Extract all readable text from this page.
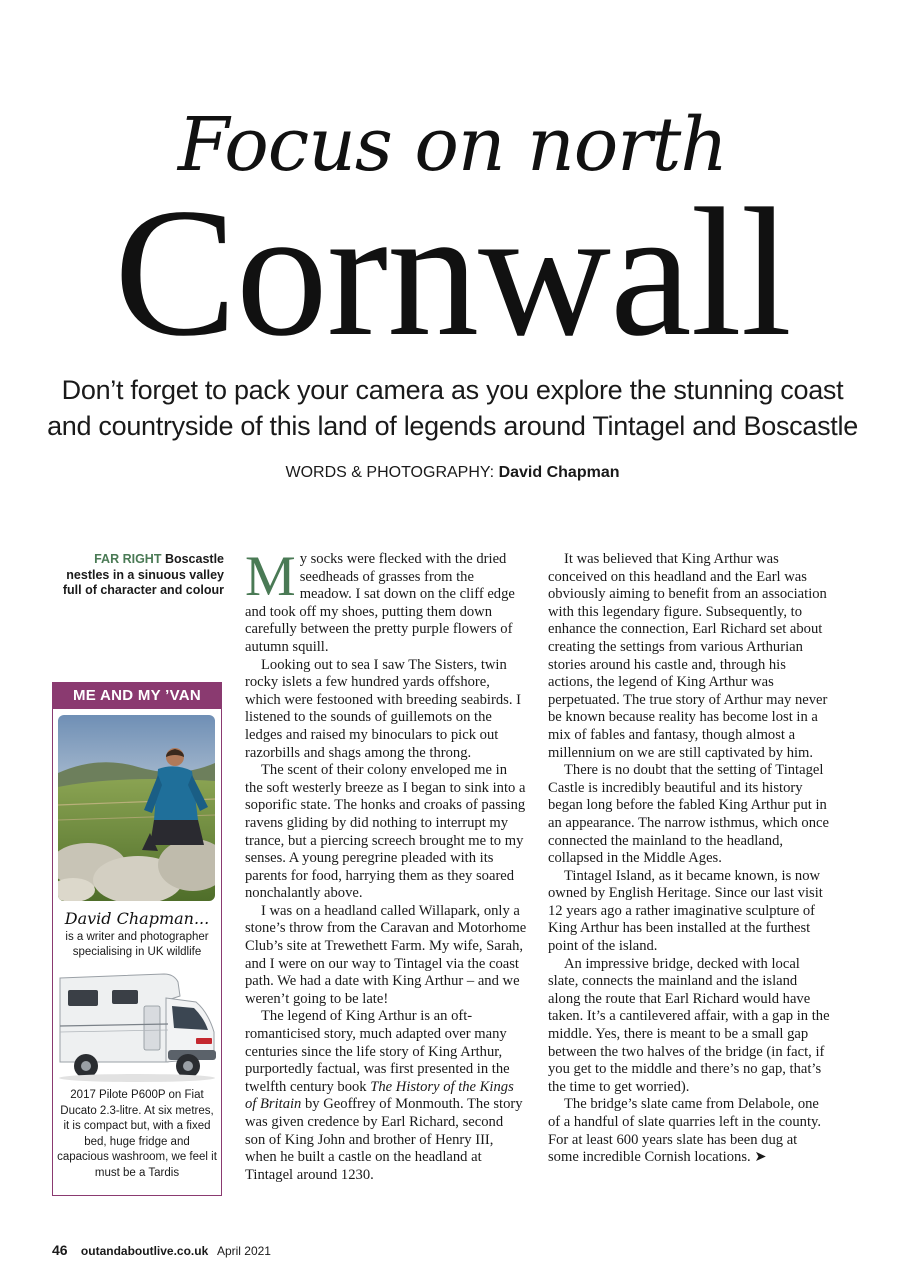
Focus on north
Cornwall
Don’t forget to pack your camera as you explore the stunning coast
and countryside of this land of legends around Tintagel and Boscastle
WORDS & PHOTOGRAPHY: David Chapman
FAR RIGHT Boscastle nestles in a sinuous valley full of character and colour
ME AND MY ’VAN
David Chapman...
is a writer and photographer specialising in UK wildlife
2017 Pilote P600P on Fiat Ducato 2.3-litre. At six metres, it is compact but, with a fixed bed, huge fridge and capacious washroom, we feel it must be a Tardis

My socks were flecked with the dried seedheads of grasses from the meadow. I sat down on the cliff edge and took off my shoes, putting them down carefully between the pretty purple flowers of autumn squill.

Looking out to sea I saw The Sisters, twin rocky islets a few hundred yards offshore, which were festooned with breeding seabirds. I listened to the sounds of guillemots on the ledges and raised my binoculars to pick out razorbills and shags among the throng.

The scent of their colony enveloped me in the soft westerly breeze as I began to sink into a soporific state. The honks and croaks of passing ravens gliding by did nothing to interrupt my trance, but a piercing screech brought me to my senses. A young peregrine pleaded with its parents for food, harrying them as they soared nonchalantly above.

I was on a headland called Willapark, only a stone’s throw from the Caravan and Motorhome Club’s site at Trewethett Farm. My wife, Sarah, and I were on our way to Tintagel via the coast path. We had a date with King Arthur – and we weren’t going to be late!

The legend of King Arthur is an oft-romanticised story, much adapted over many centuries since the life story of King Arthur, purportedly factual, was first presented in the twelfth century book The History of the Kings of Britain by Geoffrey of Monmouth. The story was given credence by Earl Richard, second son of King John and brother of Henry III, when he built a castle on the headland at Tintagel around 1230.

It was believed that King Arthur was conceived on this headland and the Earl was obviously aiming to benefit from an association with this legendary figure. Subsequently, to enhance the connection, Earl Richard set about creating the settings from various Arthurian stories around his castle and, through his actions, the legend of King Arthur was perpetuated. The true story of Arthur may never be known because reality has become lost in a mix of fables and fantasy, though almost a millennium on we are still captivated by him.

There is no doubt that the setting of Tintagel Castle is incredibly beautiful and its history began long before the fabled King Arthur put in an appearance. The narrow isthmus, which once connected the mainland to the headland, collapsed in the Middle Ages.

Tintagel Island, as it became known, is now owned by English Heritage. Since our last visit 12 years ago a rather imaginative sculpture of King Arthur has been installed at the furthest point of the island.

An impressive bridge, decked with local slate, connects the mainland and the island along the route that Earl Richard would have taken. It’s a cantilevered affair, with a gap in the middle. Yes, there is meant to be a small gap between the two halves of the bridge (in fact, if you get to the middle and there’s no gap, that’s the time to get worried).

The bridge’s slate came from Delabole, one of a handful of slate quarries left in the county. For at least 600 years slate has been dug at some incredible Cornish locations. ➤

46 outandaboutlive.co.uk April 2021
